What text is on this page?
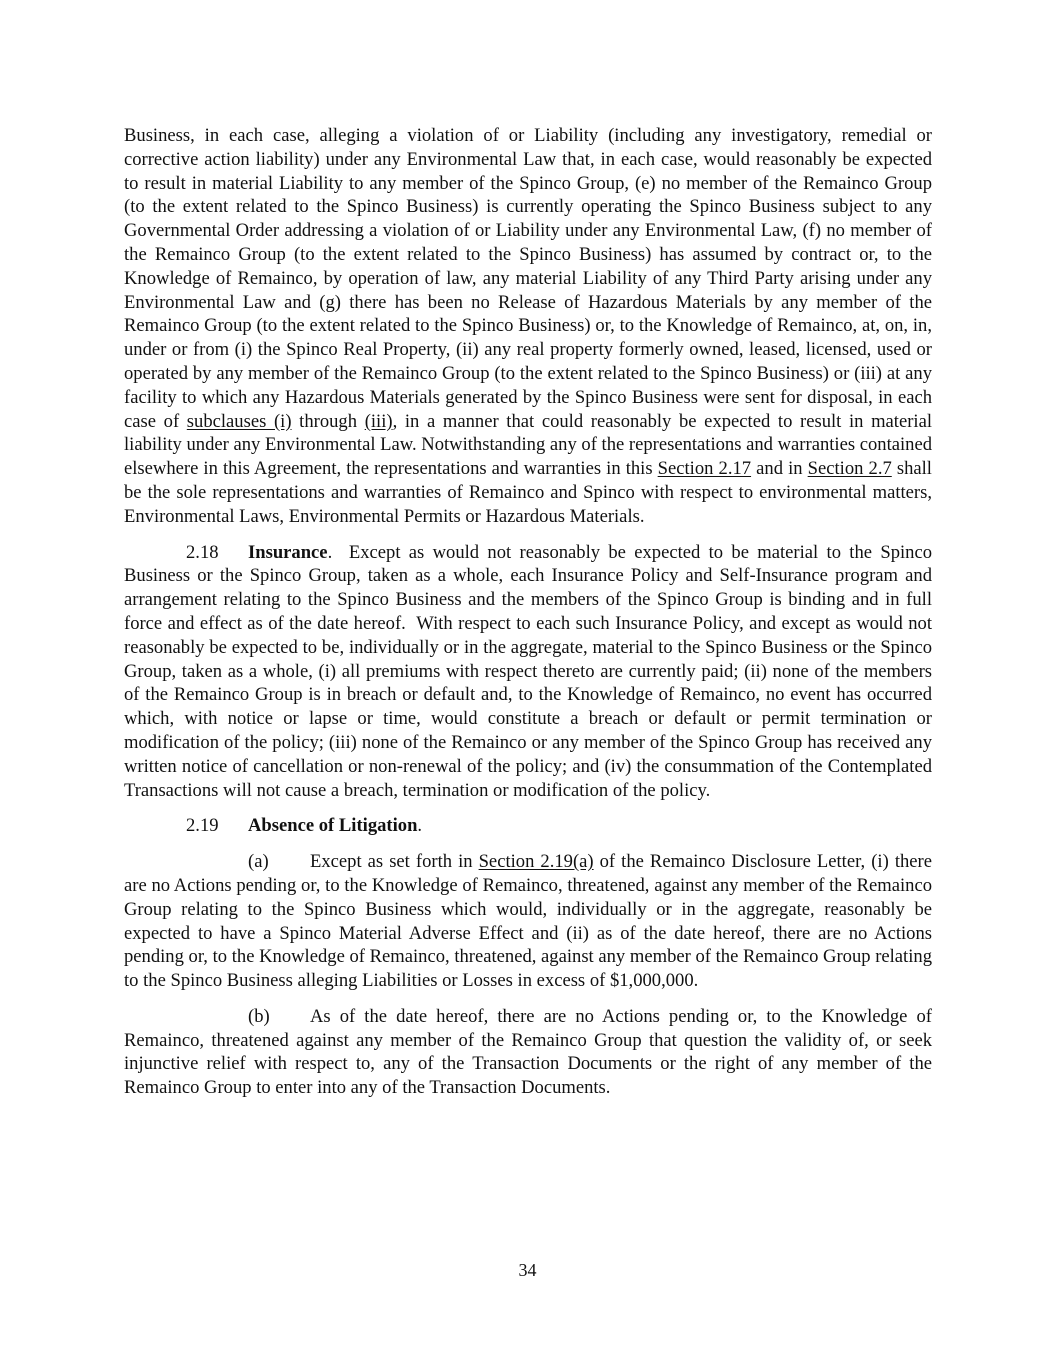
Business, in each case, alleging a violation of or Liability (including any investigatory, remedial or corrective action liability) under any Environmental Law that, in each case, would reasonably be expected to result in material Liability to any member of the Spinco Group, (e) no member of the Remainco Group (to the extent related to the Spinco Business) is currently operating the Spinco Business subject to any Governmental Order addressing a violation of or Liability under any Environmental Law, (f) no member of the Remainco Group (to the extent related to the Spinco Business) has assumed by contract or, to the Knowledge of Remainco, by operation of law, any material Liability of any Third Party arising under any Environmental Law and (g) there has been no Release of Hazardous Materials by any member of the Remainco Group (to the extent related to the Spinco Business) or, to the Knowledge of Remainco, at, on, in, under or from (i) the Spinco Real Property, (ii) any real property formerly owned, leased, licensed, used or operated by any member of the Remainco Group (to the extent related to the Spinco Business) or (iii) at any facility to which any Hazardous Materials generated by the Spinco Business were sent for disposal, in each case of subclauses (i) through (iii), in a manner that could reasonably be expected to result in material liability under any Environmental Law. Notwithstanding any of the representations and warranties contained elsewhere in this Agreement, the representations and warranties in this Section 2.17 and in Section 2.7 shall be the sole representations and warranties of Remainco and Spinco with respect to environmental matters, Environmental Laws, Environmental Permits or Hazardous Materials.

2.18 Insurance.  Except as would not reasonably be expected to be material to the Spinco Business or the Spinco Group, taken as a whole, each Insurance Policy and Self-Insurance program and arrangement relating to the Spinco Business and the members of the Spinco Group is binding and in full force and effect as of the date hereof.  With respect to each such Insurance Policy, and except as would not reasonably be expected to be, individually or in the aggregate, material to the Spinco Business or the Spinco Group, taken as a whole, (i) all premiums with respect thereto are currently paid; (ii) none of the members of the Remainco Group is in breach or default and, to the Knowledge of Remainco, no event has occurred which, with notice or lapse or time, would constitute a breach or default or permit termination or modification of the policy; (iii) none of the Remainco or any member of the Spinco Group has received any written notice of cancellation or non-renewal of the policy; and (iv) the consummation of the Contemplated Transactions will not cause a breach, termination or modification of the policy.

2.19 Absence of Litigation.

(a) Except as set forth in Section 2.19(a) of the Remainco Disclosure Letter, (i) there are no Actions pending or, to the Knowledge of Remainco, threatened, against any member of the Remainco Group relating to the Spinco Business which would, individually or in the aggregate, reasonably be expected to have a Spinco Material Adverse Effect and (ii) as of the date hereof, there are no Actions pending or, to the Knowledge of Remainco, threatened, against any member of the Remainco Group relating to the Spinco Business alleging Liabilities or Losses in excess of $1,000,000.

(b) As of the date hereof, there are no Actions pending or, to the Knowledge of Remainco, threatened against any member of the Remainco Group that question the validity of, or seek injunctive relief with respect to, any of the Transaction Documents or the right of any member of the Remainco Group to enter into any of the Transaction Documents.

34
